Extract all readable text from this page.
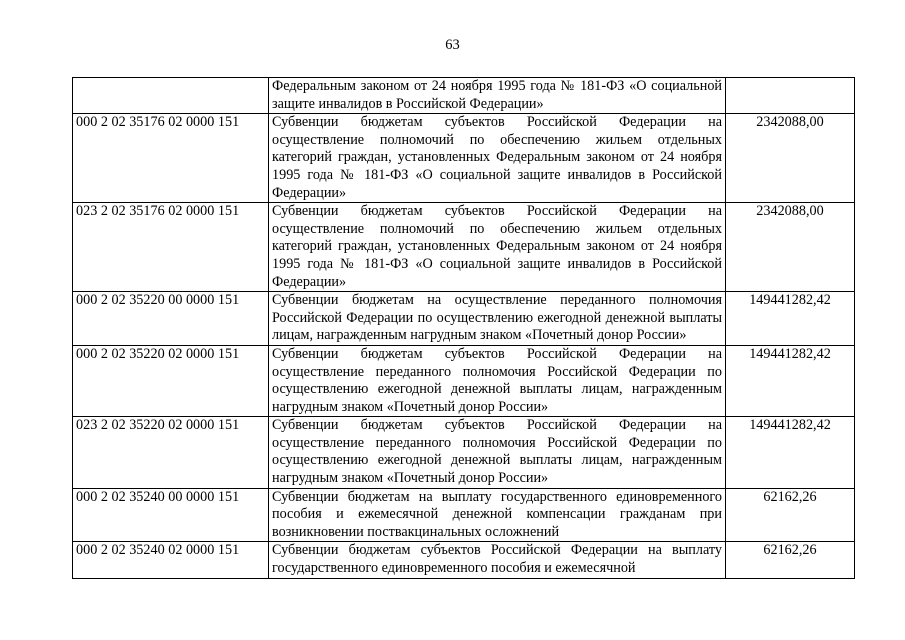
63
	Федеральным законом от 24 ноября 1995 года № 181-ФЗ «О социальной защите инвалидов в Российской Федерации»	
000 2 02 35176 02 0000 151	Субвенции бюджетам субъектов Российской Федерации на осуществление полномочий по обеспечению жильем отдельных категорий граждан, установленных Федеральным законом от 24 ноября 1995 года № 181-ФЗ «О социальной защите инвалидов в Российской Федерации»	2342088,00
023 2 02 35176 02 0000 151	Субвенции бюджетам субъектов Российской Федерации на осуществление полномочий по обеспечению жильем отдельных категорий граждан, установленных Федеральным законом от 24 ноября 1995 года № 181-ФЗ «О социальной защите инвалидов в Российской Федерации»	2342088,00
000 2 02 35220 00 0000 151	Субвенции бюджетам на осуществление переданного полномочия Российской Федерации по осуществлению ежегодной денежной выплаты лицам, награжденным нагрудным знаком «Почетный донор России»	149441282,42
000 2 02 35220 02 0000 151	Субвенции бюджетам субъектов Российской Федерации на осуществление переданного полномочия Российской Федерации по осуществлению ежегодной денежной выплаты лицам, награжденным нагрудным знаком «Почетный донор России»	149441282,42
023 2 02 35220 02 0000 151	Субвенции бюджетам субъектов Российской Федерации на осуществление переданного полномочия Российской Федерации по осуществлению ежегодной денежной выплаты лицам, награжденным нагрудным знаком «Почетный донор России»	149441282,42
000 2 02 35240 00 0000 151	Субвенции бюджетам на выплату государственного единовременного пособия и ежемесячной денежной компенсации гражданам при возникновении поствакцинальных осложнений	62162,26
000 2 02 35240 02 0000 151	Субвенции бюджетам субъектов Российской Федерации на выплату государственного единовременного пособия и ежемесячной	62162,26
